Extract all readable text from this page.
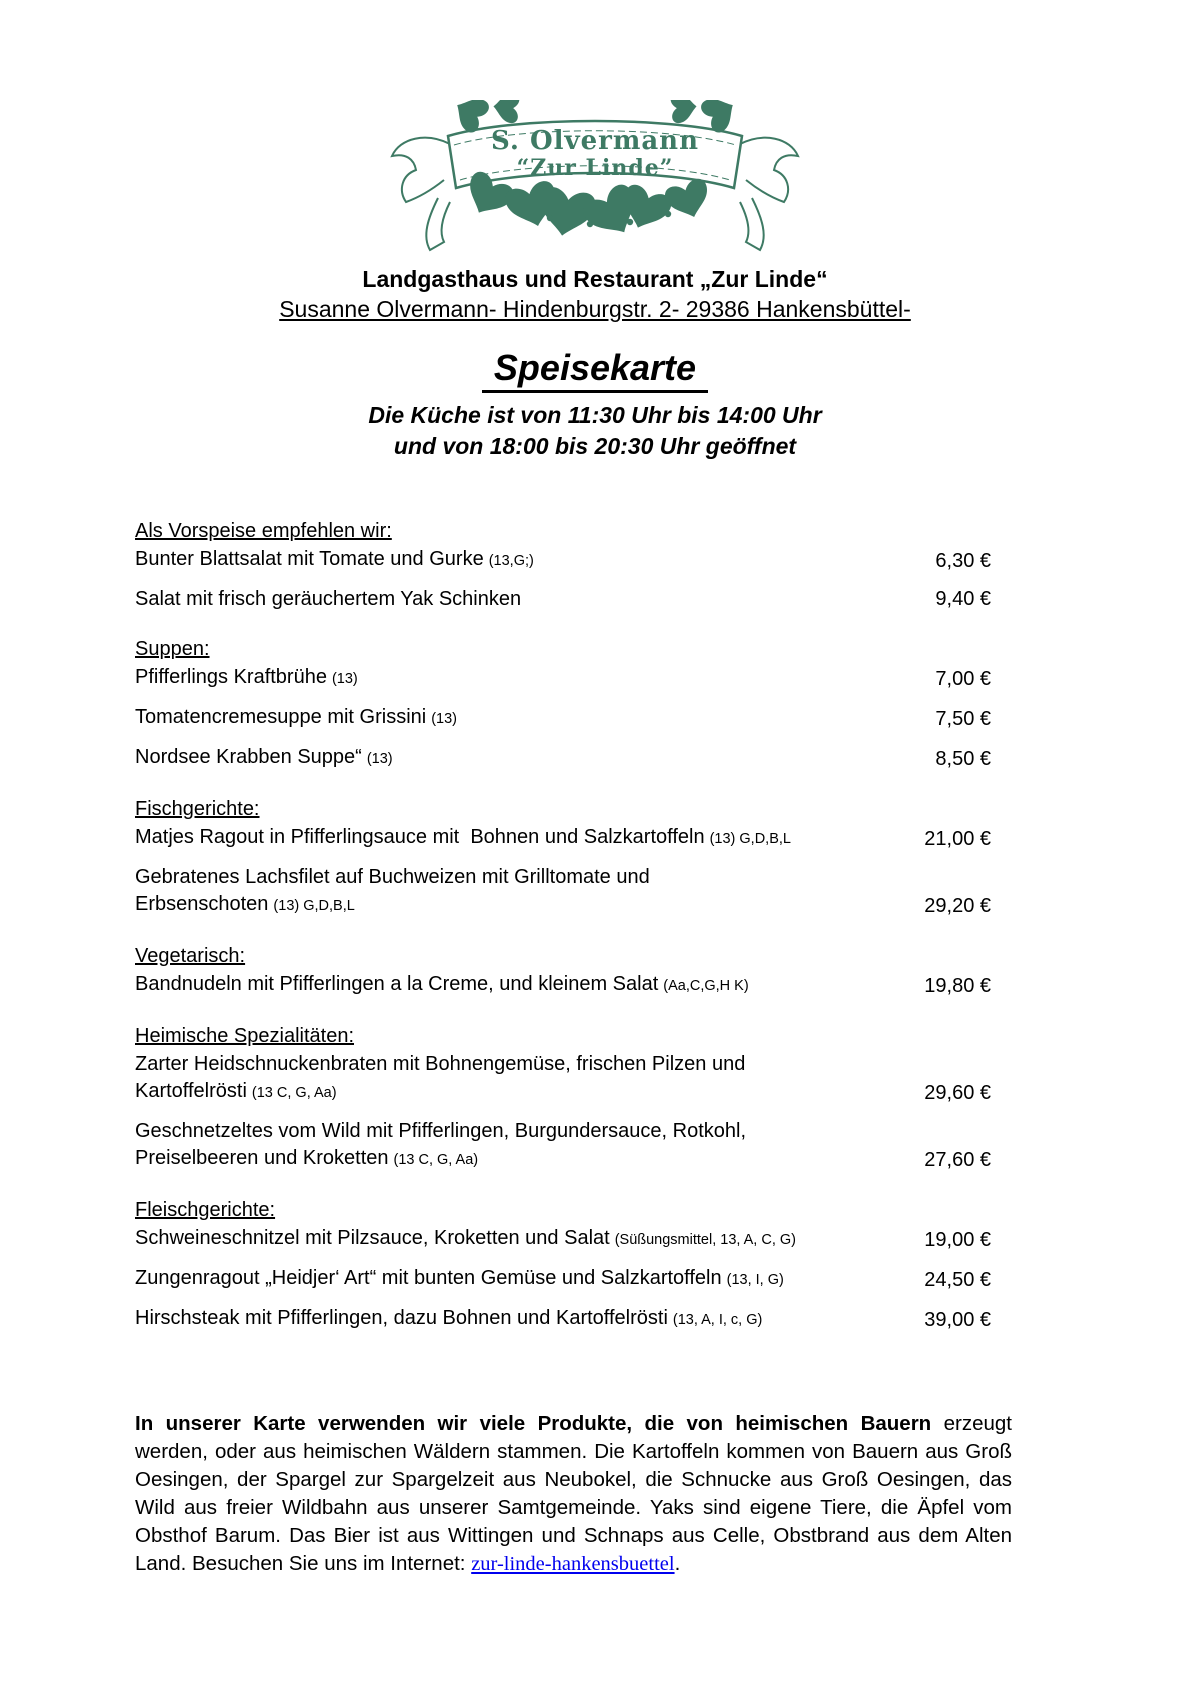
S. Olvermann
“Zur Linde”
Landgasthaus und Restaurant „Zur Linde“
Susanne Olvermann- Hindenburgstr. 2- 29386 Hankensbüttel-
Speisekarte
Die Küche ist von 11:30 Uhr bis 14:00 Uhr
und von 18:00 bis 20:30 Uhr geöffnet
Als Vorspeise empfehlen wir:
Bunter Blattsalat mit Tomate und Gurke (13,G;)	6,30 €
Salat mit frisch geräuchertem Yak Schinken	9,40 €
Suppen:
Pfifferlings Kraftbrühe (13)	7,00 €
Tomatencremesuppe mit Grissini (13)	7,50 €
Nordsee Krabben Suppe“ (13)	8,50 €
Fischgerichte:
Matjes Ragout in Pfifferlingsauce mit  Bohnen und Salzkartoffeln (13) G,D,B,L	21,00 €
Gebratenes Lachsfilet auf Buchweizen mit Grilltomate und
Erbsenschoten (13) G,D,B,L	29,20 €
Vegetarisch:
Bandnudeln mit Pfifferlingen a la Creme, und kleinem Salat (Aa,C,G,H K)	19,80 €
Heimische Spezialitäten:
Zarter Heidschnuckenbraten mit Bohnengemüse, frischen Pilzen und
Kartoffelrösti (13 C, G, Aa)	29,60 €
Geschnetzeltes vom Wild mit Pfifferlingen, Burgundersauce, Rotkohl,
Preiselbeeren und Kroketten (13 C, G, Aa)	27,60 €
Fleischgerichte:
Schweineschnitzel mit Pilzsauce, Kroketten und Salat (Süßungsmittel, 13, A, C, G)	19,00 €
Zungenragout „Heidjer‘ Art“ mit bunten Gemüse und Salzkartoffeln (13, I, G)	24,50 €
Hirschsteak mit Pfifferlingen, dazu Bohnen und Kartoffelrösti (13, A, I, c, G)	39,00 €

In unserer Karte verwenden wir viele Produkte, die von heimischen Bauern erzeugt werden, oder aus heimischen Wäldern stammen. Die Kartoffeln kommen von Bauern aus Groß Oesingen, der Spargel zur Spargelzeit aus Neubokel, die Schnucke aus Groß Oesingen, das Wild aus freier Wildbahn aus unserer Samtgemeinde. Yaks sind eigene Tiere, die Äpfel vom Obsthof Barum. Das Bier ist aus Wittingen und Schnaps aus Celle, Obstbrand aus dem Alten Land. Besuchen Sie uns im Internet: zur-linde-hankensbuettel.
